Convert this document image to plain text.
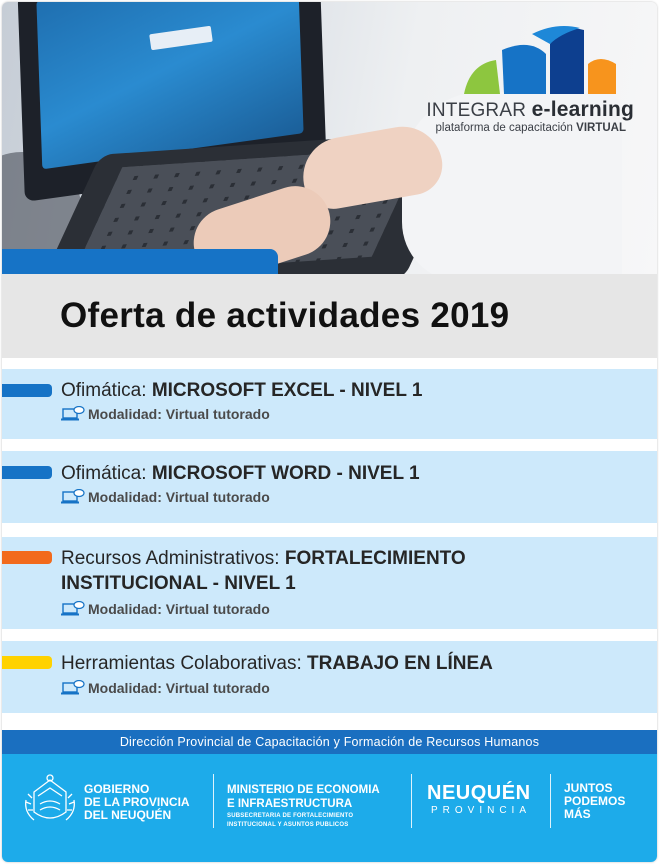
INTEGRAR e-learning
plataforma de capacitación VIRTUAL
Oferta de actividades 2019
Ofimática: MICROSOFT EXCEL - NIVEL 1
Modalidad: Virtual tutorado
Ofimática: MICROSOFT WORD - NIVEL 1
Modalidad: Virtual tutorado
Recursos Administrativos: FORTALECIMIENTO
INSTITUCIONAL - NIVEL 1
Modalidad: Virtual tutorado
Herramientas Colaborativas: TRABAJO EN LÍNEA
Modalidad: Virtual tutorado
Dirección Provincial de Capacitación y Formación de Recursos Humanos
GOBIERNO
DE LA PROVINCIA
DEL NEUQUÉN
MINISTERIO DE ECONOMIA
E INFRAESTRUCTURA
SUBSECRETARIA DE FORTALECIMIENTO
INSTITUCIONAL Y ASUNTOS PUBLICOS
NEUQUÉN
PROVINCIA
JUNTOS
PODEMOS
MÁS
